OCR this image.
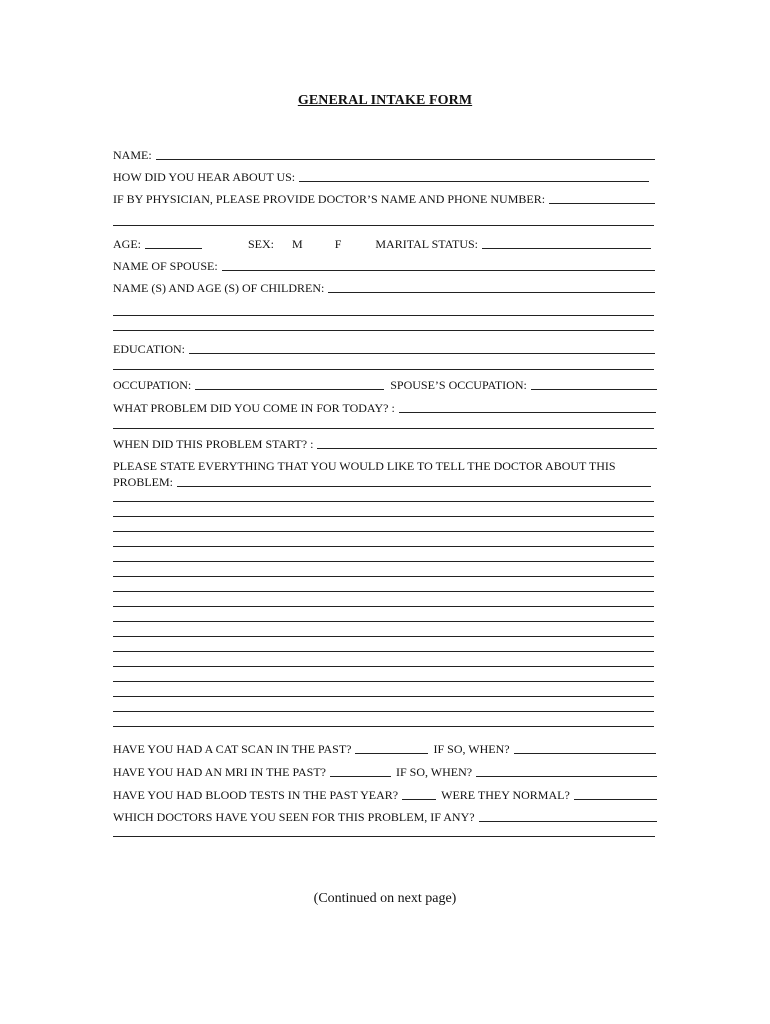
GENERAL INTAKE FORM
NAME:
HOW DID YOU HEAR ABOUT US:
IF BY PHYSICIAN, PLEASE PROVIDE DOCTOR’S NAME AND PHONE NUMBER:
AGE:	SEX: M	F	MARITAL STATUS:
NAME OF SPOUSE:
NAME (S) AND AGE (S) OF CHILDREN:
EDUCATION:
OCCUPATION:	SPOUSE’S OCCUPATION:
WHAT PROBLEM DID YOU COME IN FOR TODAY? :
WHEN DID THIS PROBLEM START? :
PLEASE STATE EVERYTHING THAT YOU WOULD LIKE TO TELL THE DOCTOR ABOUT THIS
PROBLEM:
HAVE YOU HAD A CAT SCAN IN THE PAST?	IF SO, WHEN?
HAVE YOU HAD AN MRI IN THE PAST?	IF SO, WHEN?
HAVE YOU HAD BLOOD TESTS IN THE PAST YEAR?	WERE THEY NORMAL?
WHICH DOCTORS HAVE YOU SEEN FOR THIS PROBLEM, IF ANY?
(Continued on next page)
